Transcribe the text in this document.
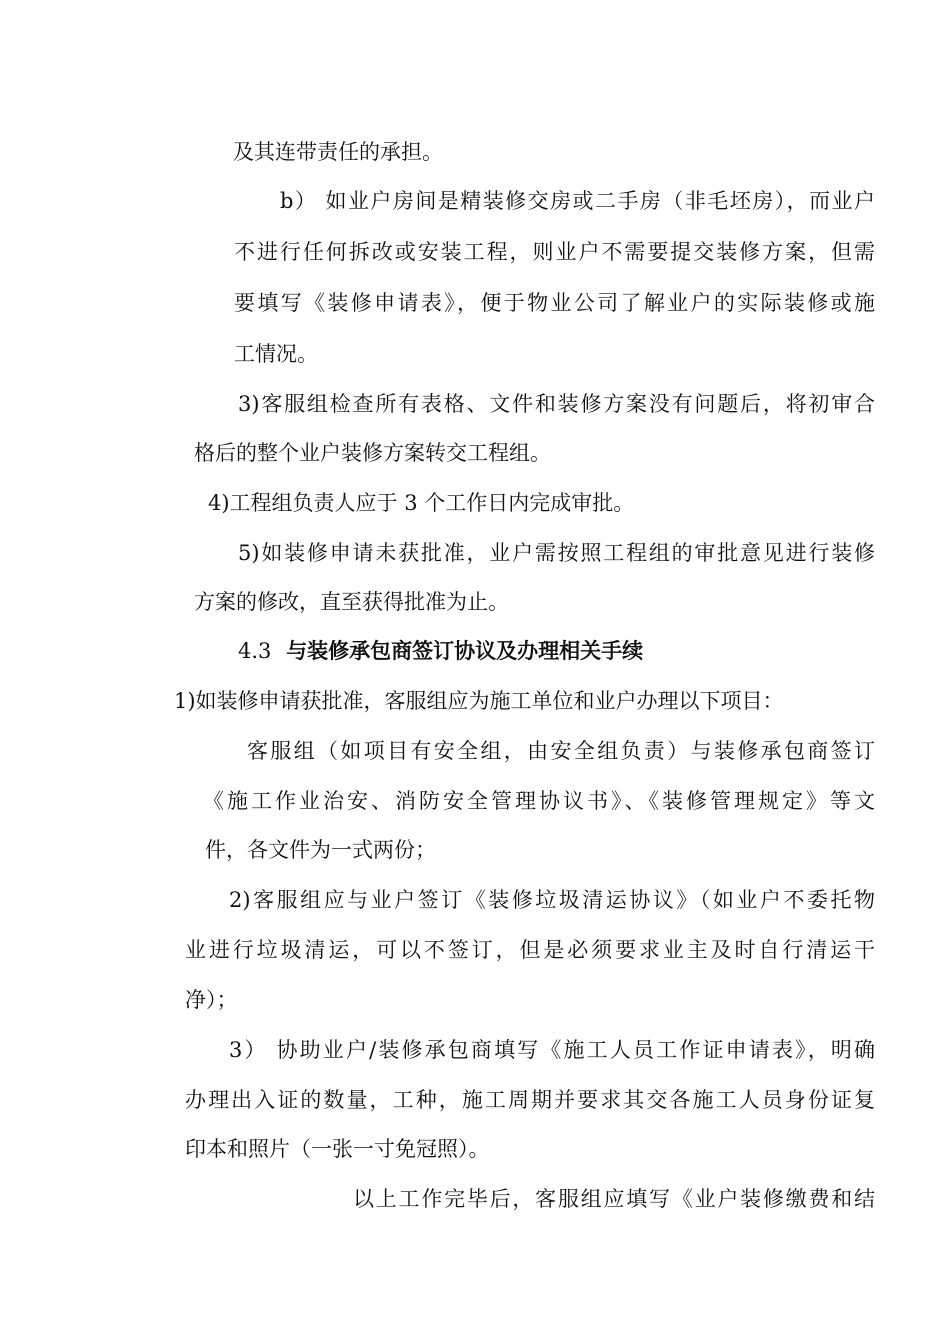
及其连带责任的承担。
b） 如业户房间是精装修交房或二手房（非毛坯房），而业户
不进行任何拆改或安装工程，则业户不需要提交装修方案，但需
要填写《装修申请表》，便于物业公司了解业户的实际装修或施
工情况。
3)客服组检查所有表格、文件和装修方案没有问题后，将初审合
格后的整个业户装修方案转交工程组。
4)工程组负责人应于 3 个工作日内完成审批。
5)如装修申请未获批准，业户需按照工程组的审批意见进行装修
方案的修改，直至获得批准为止。
4.3 与装修承包商签订协议及办理相关手续
1)如装修申请获批准，客服组应为施工单位和业户办理以下项目：
客服组（如项目有安全组，由安全组负责）与装修承包商签订
《施工作业治安、消防安全管理协议书》、《装修管理规定》等文
件，各文件为一式两份；
2)客服组应与业户签订《装修垃圾清运协议》（如业户不委托物
业进行垃圾清运，可以不签订，但是必须要求业主及时自行清运干
净）；
3） 协助业户/装修承包商填写《施工人员工作证申请表》，明确
办理出入证的数量，工种，施工周期并要求其交各施工人员身份证复
印本和照片（一张一寸免冠照）。
以上工作完毕后，客服组应填写《业户装修缴费和结
